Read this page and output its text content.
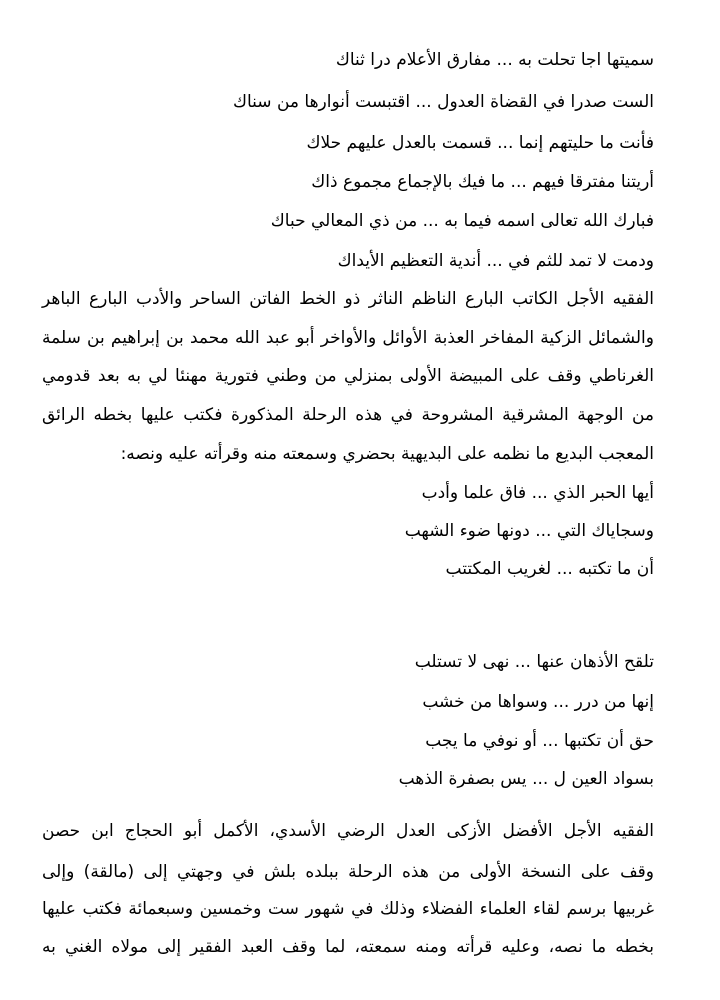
سميتها اجا تحلت به ... مفارق الأعلام درا ثناك

الست صدرا في القضاة العدول ... اقتبست أنوارها من سناك

فأنت ما حليتهم إنما ... قسمت بالعدل عليهم حلاك

أريتنا مفترقا فيهم ... ما فيك بالإجماع مجموع ذاك

فبارك الله تعالى اسمه فيما به ... من ذي المعالي حباك

ودمت لا تمد للثم في ... أندية التعظيم الأيداك

الفقيه الأجل الكاتب البارع الناظم الناثر ذو الخط الفاتن الساحر والأدب البارع الباهر

والشمائل الزكية المفاخر العذبة الأوائل والأواخر أبو عبد الله محمد بن إبراهيم بن سلمة

الغرناطي وقف على المبيضة الأولى بمنزلي من وطني فتورية مهنئا لي به بعد قدومي

من الوجهة المشرقية المشروحة في هذه الرحلة المذكورة فكتب عليها بخطه الرائق

المعجب البديع ما نظمه على البديهية بحضري وسمعته منه وقرأته عليه ونصه:

أيها الحبر الذي ... فاق علما وأدب

وسجاياك التي ... دونها ضوء الشهب

أن ما تكتبه ... لغريب المكتتب

تلقح الأذهان عنها ... نهى لا تستلب

إنها من درر ... وسواها من خشب

حق أن تكتبها ... أو نوفي ما يجب

بسواد العين ل ... يس بصفرة الذهب

الفقيه الأجل الأفضل الأزكى العدل الرضي الأسدي، الأكمل أبو الحجاج ابن حصن

وقف على النسخة الأولى من هذه الرحلة ببلده بلش في وجهتي إلى (مالقة) وإلى

غربيها برسم لقاء العلماء الفضلاء وذلك في شهور ست وخمسين وسبعمائة فكتب عليها

بخطه ما نصه، وعليه قرأته ومنه سمعته، لما وقف العبد الفقير إلى مولاه الغني به
